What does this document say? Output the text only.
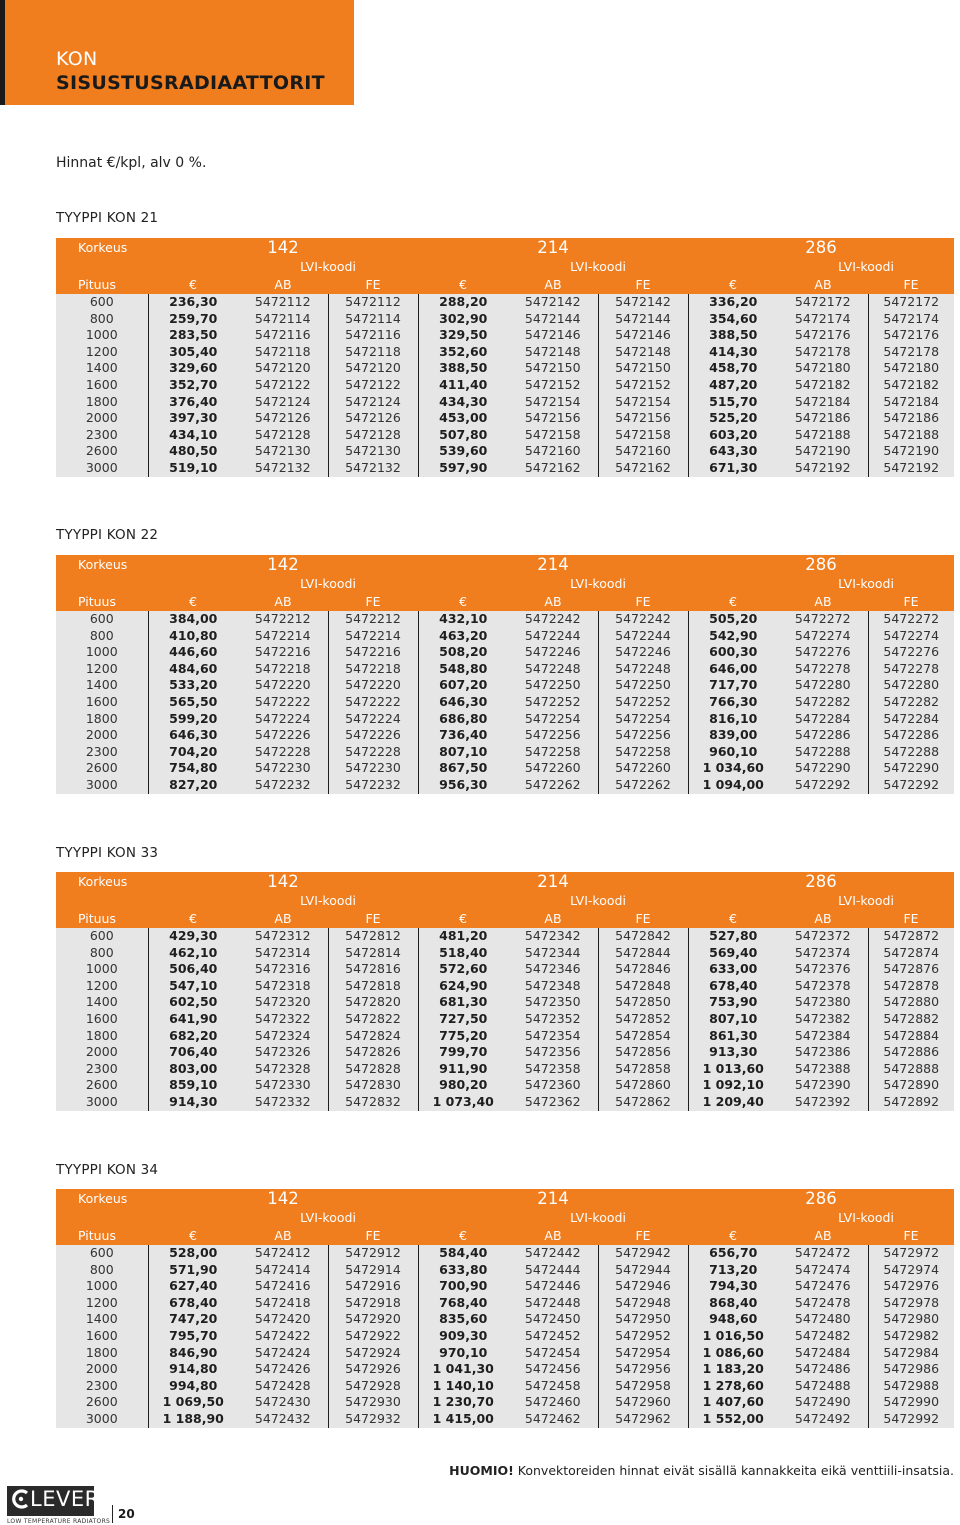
KON
SISUSTUSRADIAATTORIT
Hinnat €/kpl, alv 0 %.
TYYPPI KON 21
Korkeus	142			214			286		
		LVI-koodi			LVI-koodi			LVI-koodi	
Pituus	€	AB	FE	€	AB	FE	€	AB	FE
600	236,30	5472112	5472112	288,20	5472142	5472142	336,20	5472172	5472172
800	259,70	5472114	5472114	302,90	5472144	5472144	354,60	5472174	5472174
1000	283,50	5472116	5472116	329,50	5472146	5472146	388,50	5472176	5472176
1200	305,40	5472118	5472118	352,60	5472148	5472148	414,30	5472178	5472178
1400	329,60	5472120	5472120	388,50	5472150	5472150	458,70	5472180	5472180
1600	352,70	5472122	5472122	411,40	5472152	5472152	487,20	5472182	5472182
1800	376,40	5472124	5472124	434,30	5472154	5472154	515,70	5472184	5472184
2000	397,30	5472126	5472126	453,00	5472156	5472156	525,20	5472186	5472186
2300	434,10	5472128	5472128	507,80	5472158	5472158	603,20	5472188	5472188
2600	480,50	5472130	5472130	539,60	5472160	5472160	643,30	5472190	5472190
3000	519,10	5472132	5472132	597,90	5472162	5472162	671,30	5472192	5472192
TYYPPI KON 22
Korkeus	142			214			286		
		LVI-koodi			LVI-koodi			LVI-koodi	
Pituus	€	AB	FE	€	AB	FE	€	AB	FE
600	384,00	5472212	5472212	432,10	5472242	5472242	505,20	5472272	5472272
800	410,80	5472214	5472214	463,20	5472244	5472244	542,90	5472274	5472274
1000	446,60	5472216	5472216	508,20	5472246	5472246	600,30	5472276	5472276
1200	484,60	5472218	5472218	548,80	5472248	5472248	646,00	5472278	5472278
1400	533,20	5472220	5472220	607,20	5472250	5472250	717,70	5472280	5472280
1600	565,50	5472222	5472222	646,30	5472252	5472252	766,30	5472282	5472282
1800	599,20	5472224	5472224	686,80	5472254	5472254	816,10	5472284	5472284
2000	646,30	5472226	5472226	736,40	5472256	5472256	839,00	5472286	5472286
2300	704,20	5472228	5472228	807,10	5472258	5472258	960,10	5472288	5472288
2600	754,80	5472230	5472230	867,50	5472260	5472260	1 034,60	5472290	5472290
3000	827,20	5472232	5472232	956,30	5472262	5472262	1 094,00	5472292	5472292
TYYPPI KON 33
Korkeus	142			214			286		
		LVI-koodi			LVI-koodi			LVI-koodi	
Pituus	€	AB	FE	€	AB	FE	€	AB	FE
600	429,30	5472312	5472812	481,20	5472342	5472842	527,80	5472372	5472872
800	462,10	5472314	5472814	518,40	5472344	5472844	569,40	5472374	5472874
1000	506,40	5472316	5472816	572,60	5472346	5472846	633,00	5472376	5472876
1200	547,10	5472318	5472818	624,90	5472348	5472848	678,40	5472378	5472878
1400	602,50	5472320	5472820	681,30	5472350	5472850	753,90	5472380	5472880
1600	641,90	5472322	5472822	727,50	5472352	5472852	807,10	5472382	5472882
1800	682,20	5472324	5472824	775,20	5472354	5472854	861,30	5472384	5472884
2000	706,40	5472326	5472826	799,70	5472356	5472856	913,30	5472386	5472886
2300	803,00	5472328	5472828	911,90	5472358	5472858	1 013,60	5472388	5472888
2600	859,10	5472330	5472830	980,20	5472360	5472860	1 092,10	5472390	5472890
3000	914,30	5472332	5472832	1 073,40	5472362	5472862	1 209,40	5472392	5472892
TYYPPI KON 34
Korkeus	142			214			286		
		LVI-koodi			LVI-koodi			LVI-koodi	
Pituus	€	AB	FE	€	AB	FE	€	AB	FE
600	528,00	5472412	5472912	584,40	5472442	5472942	656,70	5472472	5472972
800	571,90	5472414	5472914	633,80	5472444	5472944	713,20	5472474	5472974
1000	627,40	5472416	5472916	700,90	5472446	5472946	794,30	5472476	5472976
1200	678,40	5472418	5472918	768,40	5472448	5472948	868,40	5472478	5472978
1400	747,20	5472420	5472920	835,60	5472450	5472950	948,60	5472480	5472980
1600	795,70	5472422	5472922	909,30	5472452	5472952	1 016,50	5472482	5472982
1800	846,90	5472424	5472924	970,10	5472454	5472954	1 086,60	5472484	5472984
2000	914,80	5472426	5472926	1 041,30	5472456	5472956	1 183,20	5472486	5472986
2300	994,80	5472428	5472928	1 140,10	5472458	5472958	1 278,60	5472488	5472988
2600	1 069,50	5472430	5472930	1 230,70	5472460	5472960	1 407,60	5472490	5472990
3000	1 188,90	5472432	5472932	1 415,00	5472462	5472962	1 552,00	5472492	5472992
HUOMIO! Konvektoreiden hinnat eivät sisällä kannakkeita eikä venttiili-insatsia.
LEVER
LOW TEMPERATURE RADIATORS
20
